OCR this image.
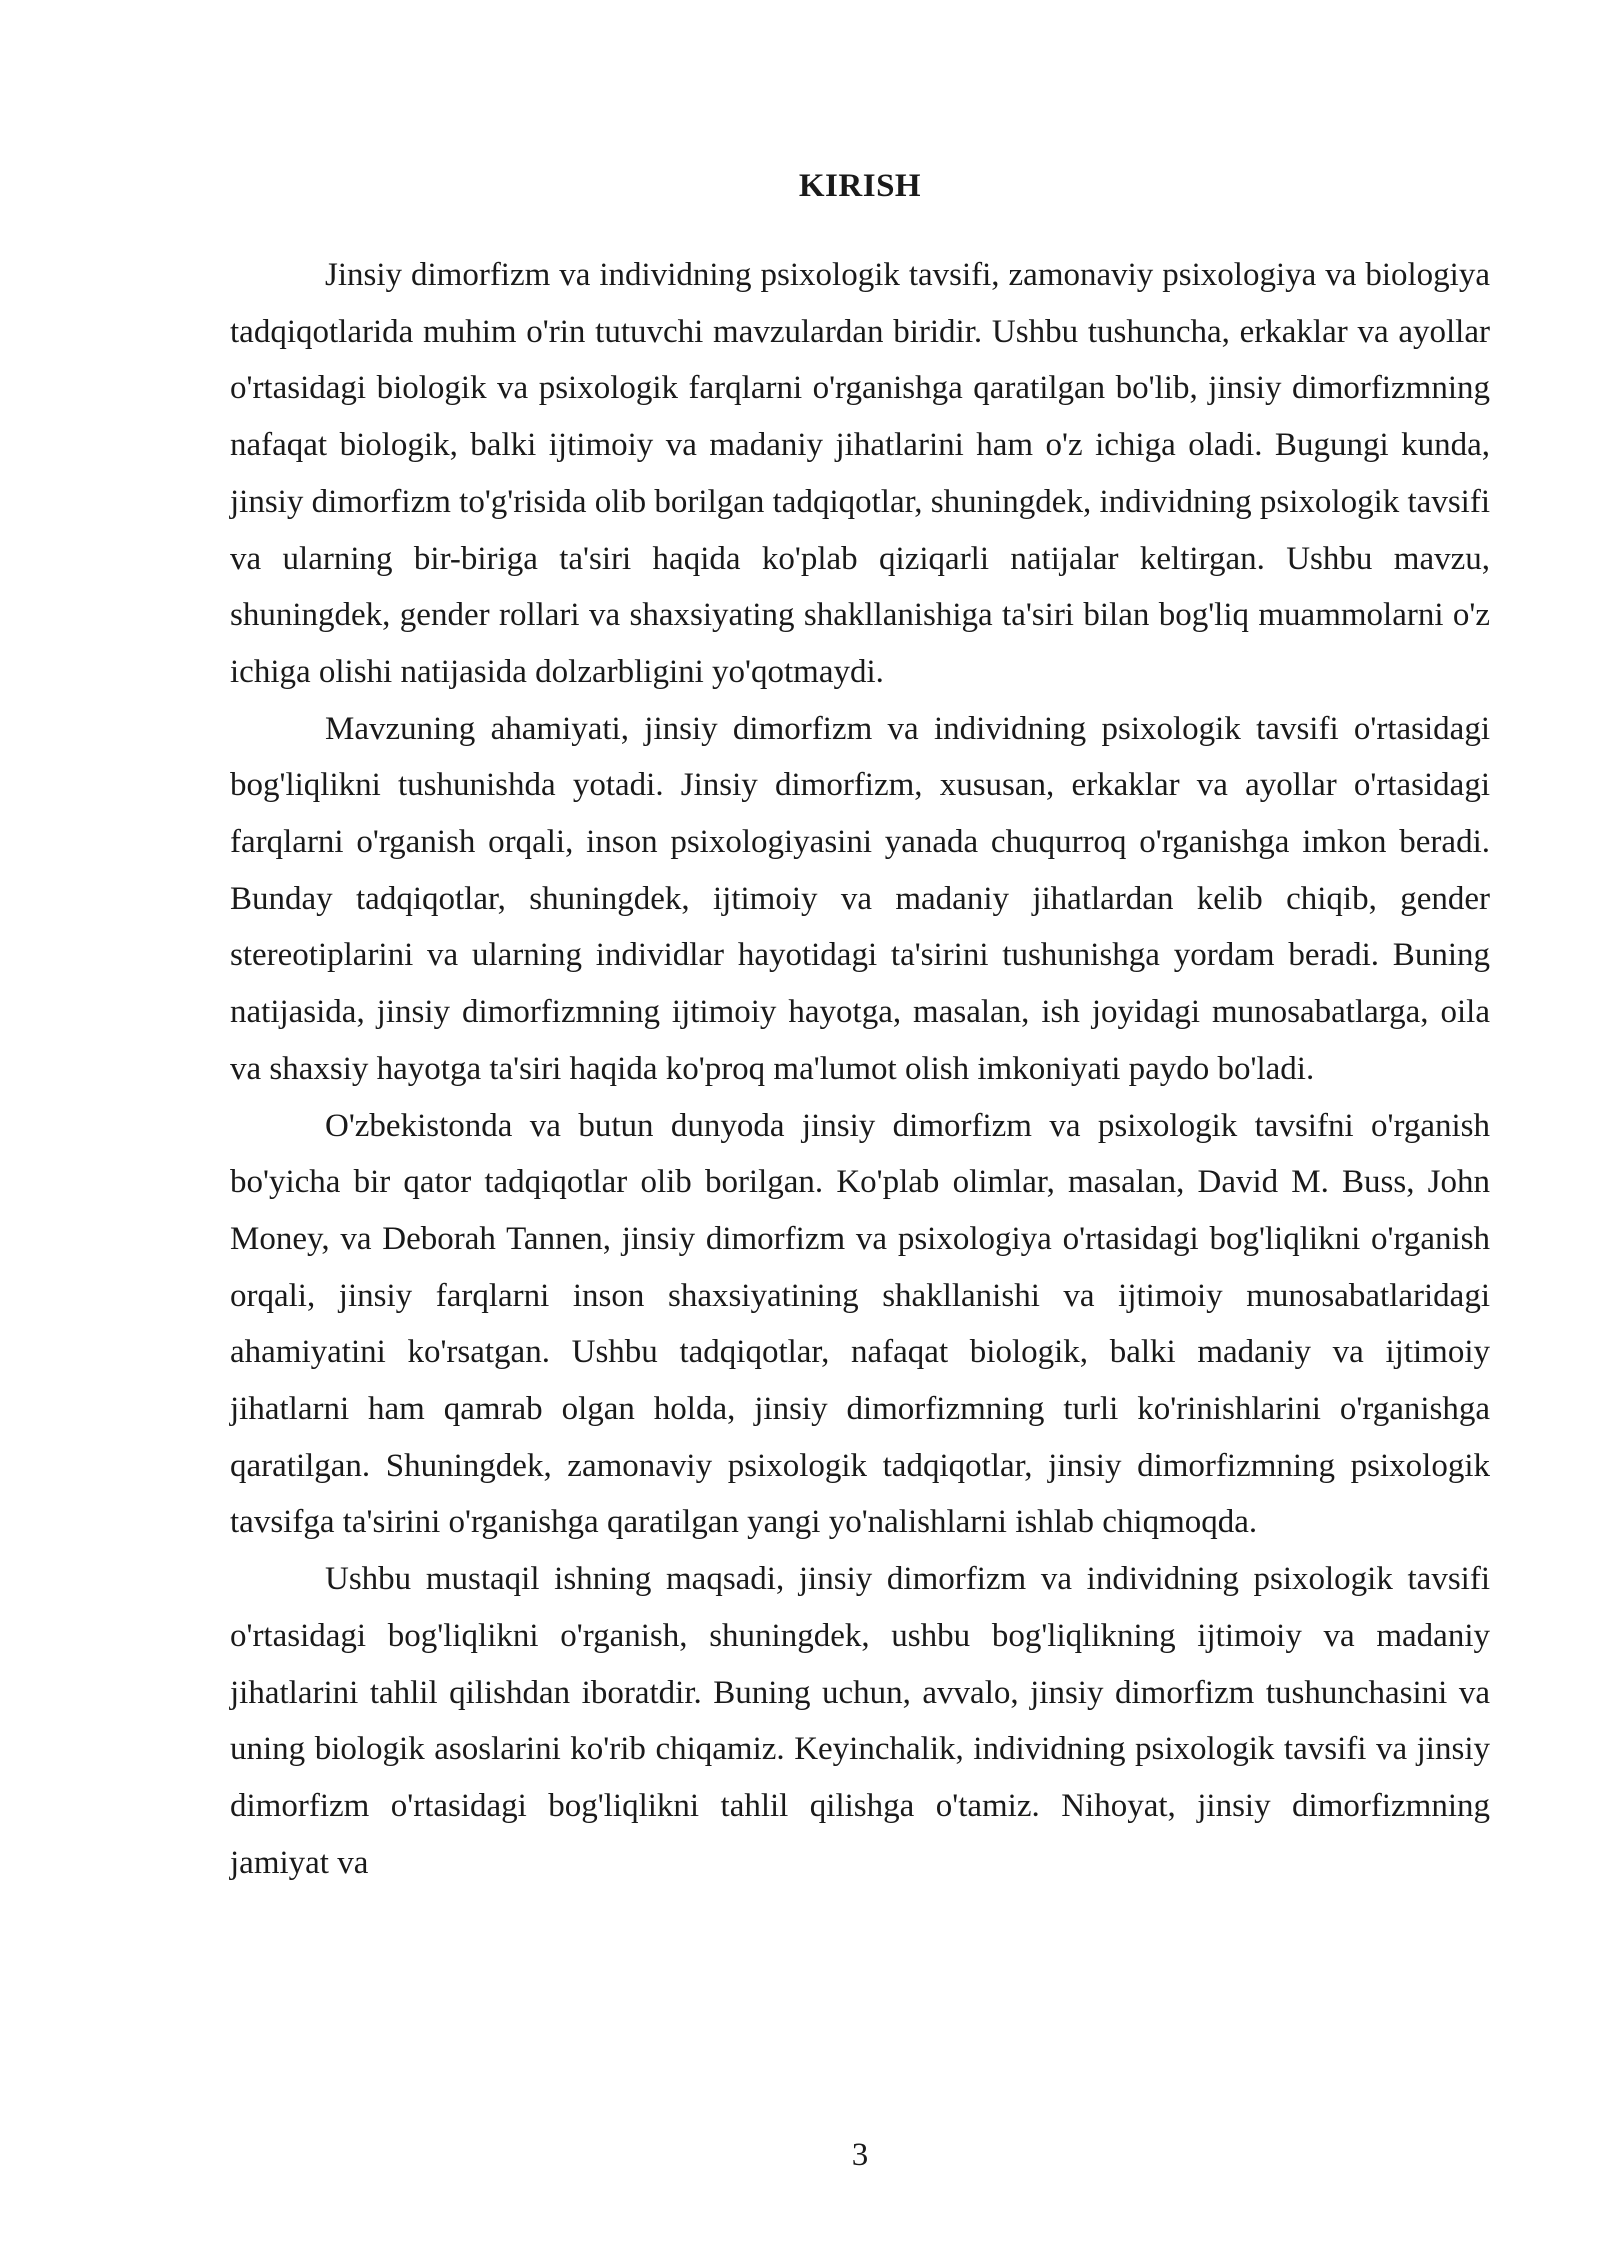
KIRISH

Jinsiy dimorfizm va individning psixologik tavsifi, zamonaviy psixologiya va biologiya tadqiqotlarida muhim o'rin tutuvchi mavzulardan biridir. Ushbu tushuncha, erkaklar va ayollar o'rtasidagi biologik va psixologik farqlarni o'rganishga qaratilgan bo'lib, jinsiy dimorfizmning nafaqat biologik, balki ijtimoiy va madaniy jihatlarini ham o'z ichiga oladi. Bugungi kunda, jinsiy dimorfizm to'g'risida olib borilgan tadqiqotlar, shuningdek, individning psixologik tavsifi va ularning bir-biriga ta'siri haqida ko'plab qiziqarli natijalar keltirgan. Ushbu mavzu, shuningdek, gender rollari va shaxsiyating shakllanishiga ta'siri bilan bog'liq muammolarni o'z ichiga olishi natijasida dolzarbligini yo'qotmaydi.

Mavzuning ahamiyati, jinsiy dimorfizm va individning psixologik tavsifi o'rtasidagi bog'liqlikni tushunishda yotadi. Jinsiy dimorfizm, xususan, erkaklar va ayollar o'rtasidagi farqlarni o'rganish orqali, inson psixologiyasini yanada chuqurroq o'rganishga imkon beradi. Bunday tadqiqotlar, shuningdek, ijtimoiy va madaniy jihatlardan kelib chiqib, gender stereotiplarini va ularning individlar hayotidagi ta'sirini tushunishga yordam beradi. Buning natijasida, jinsiy dimorfizmning ijtimoiy hayotga, masalan, ish joyidagi munosabatlarga, oila va shaxsiy hayotga ta'siri haqida ko'proq ma'lumot olish imkoniyati paydo bo'ladi.

O'zbekistonda va butun dunyoda jinsiy dimorfizm va psixologik tavsifni o'rganish bo'yicha bir qator tadqiqotlar olib borilgan. Ko'plab olimlar, masalan, David M. Buss, John Money, va Deborah Tannen, jinsiy dimorfizm va psixologiya o'rtasidagi bog'liqlikni o'rganish orqali, jinsiy farqlarni inson shaxsiyatining shakllanishi va ijtimoiy munosabatlaridagi ahamiyatini ko'rsatgan. Ushbu tadqiqotlar, nafaqat biologik, balki madaniy va ijtimoiy jihatlarni ham qamrab olgan holda, jinsiy dimorfizmning turli ko'rinishlarini o'rganishga qaratilgan. Shuningdek, zamonaviy psixologik tadqiqotlar, jinsiy dimorfizmning psixologik tavsifga ta'sirini o'rganishga qaratilgan yangi yo'nalishlarni ishlab chiqmoqda.

Ushbu mustaqil ishning maqsadi, jinsiy dimorfizm va individning psixologik tavsifi o'rtasidagi bog'liqlikni o'rganish, shuningdek, ushbu bog'liqlikning ijtimoiy va madaniy jihatlarini tahlil qilishdan iboratdir. Buning uchun, avvalo, jinsiy dimorfizm tushunchasini va uning biologik asoslarini ko'rib chiqamiz. Keyinchalik, individning psixologik tavsifi va jinsiy dimorfizm o'rtasidagi bog'liqlikni tahlil qilishga o'tamiz. Nihoyat, jinsiy dimorfizmning jamiyat va

3
